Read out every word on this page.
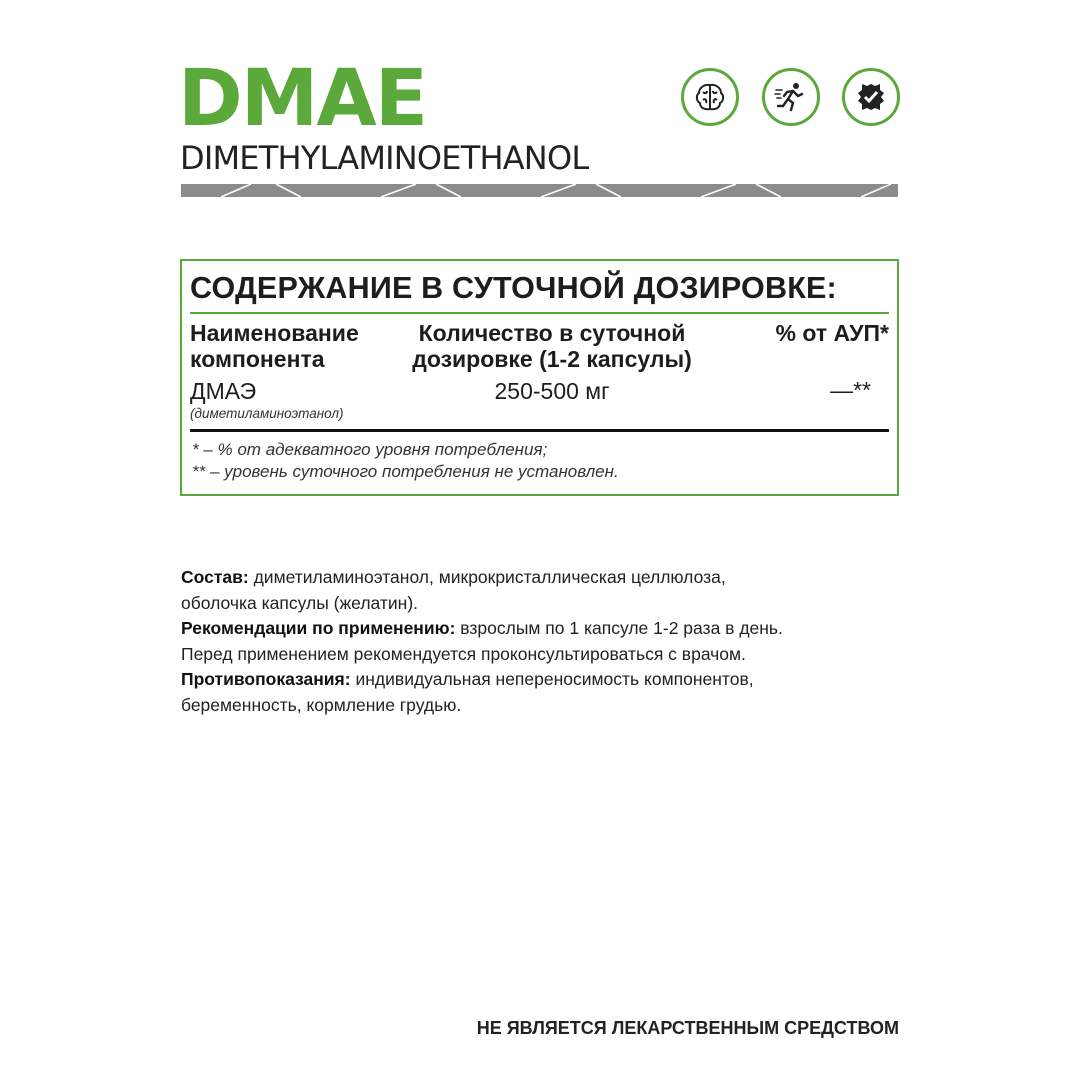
DMAE
DIMETHYLAMINOETHANOL
СОДЕРЖАНИЕ В СУТОЧНОЙ ДОЗИРОВКЕ:
Наименование
компонента
Количество в суточной
дозировке (1-2 капсулы)
% от АУП*
ДМАЭ
(диметиламиноэтанол)
250-500 мг	—**
* – % от адекватного уровня потребления;
** – уровень суточного потребления не установлен.

Состав: диметиламиноэтанол, микрокристаллическая целлюлоза,

оболочка капсулы (желатин).

Рекомендации по применению: взрослым по 1 капсуле 1-2 раза в день.

Перед применением рекомендуется проконсультироваться с врачом.

Противопоказания: индивидуальная непереносимость компонентов,

беременность, кормление грудью.

НЕ ЯВЛЯЕТСЯ ЛЕКАРСТВЕННЫМ СРЕДСТВОМ
